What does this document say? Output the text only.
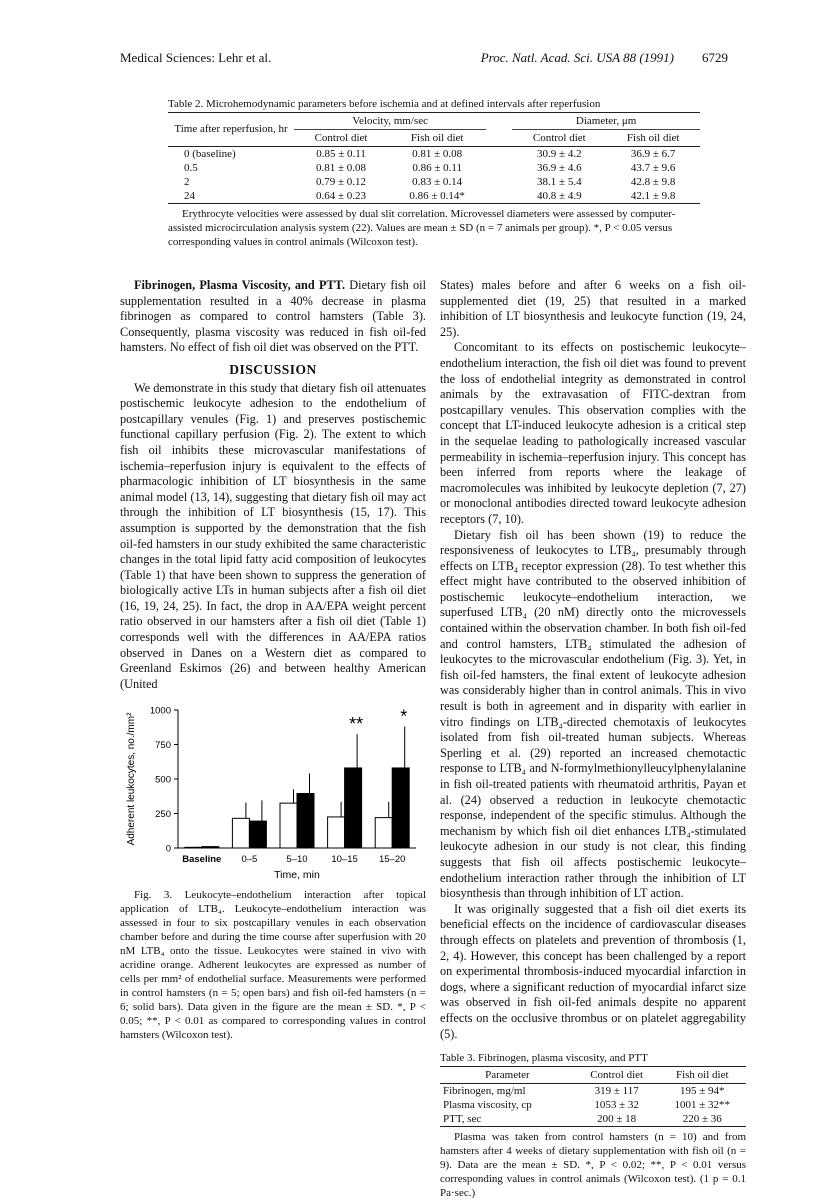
Medical Sciences: Lehr et al.	Proc. Natl. Acad. Sci. USA 88 (1991) 6729
Table 2. Microhemodynamic parameters before ischemia and at defined intervals after reperfusion
Time after reperfusion, hr	Velocity, mm/sec			Diameter, μm	
	Control diet	Fish oil diet		Control diet	Fish oil diet
0 (baseline)	0.85 ± 0.11	0.81 ± 0.08		30.9 ± 4.2	36.9 ± 6.7
0.5	0.81 ± 0.08	0.86 ± 0.11		36.9 ± 4.6	43.7 ± 9.6
2	0.79 ± 0.12	0.83 ± 0.14		38.1 ± 5.4	42.8 ± 9.8
24	0.64 ± 0.23	0.86 ± 0.14*		40.8 ± 4.9	42.1 ± 9.8
Erythrocyte velocities were assessed by dual slit correlation. Microvessel diameters were assessed by computer-assisted microcirculation analysis system (22). Values are mean ± SD (n = 7 animals per group). *, P < 0.05 versus corresponding values in control animals (Wilcoxon test).

Fibrinogen, Plasma Viscosity, and PTT. Dietary fish oil supplementation resulted in a 40% decrease in plasma fibrinogen as compared to control hamsters (Table 3). Consequently, plasma viscosity was reduced in fish oil-fed hamsters. No effect of fish oil diet was observed on the PTT.

DISCUSSION

We demonstrate in this study that dietary fish oil attenuates postischemic leukocyte adhesion to the endothelium of postcapillary venules (Fig. 1) and preserves postischemic functional capillary perfusion (Fig. 2). The extent to which fish oil inhibits these microvascular manifestations of ischemia–reperfusion injury is equivalent to the effects of pharmacologic inhibition of LT biosynthesis in the same animal model (13, 14), suggesting that dietary fish oil may act through the inhibition of LT biosynthesis (15, 17). This assumption is supported by the demonstration that the fish oil-fed hamsters in our study exhibited the same characteristic changes in the total lipid fatty acid composition of leukocytes (Table 1) that have been shown to suppress the generation of biologically active LTs in human subjects after a fish oil diet (16, 19, 24, 25). In fact, the drop in AA/EPA weight percent ratio observed in our hamsters after a fish oil diet (Table 1) corresponds well with the differences in AA/EPA ratios observed in Danes on a Western diet as compared to Greenland Eskimos (26) and between healthy American (United

States) males before and after 6 weeks on a fish oil-supplemented diet (19, 25) that resulted in a marked inhibition of LT biosynthesis and leukocyte function (19, 24, 25).

Concomitant to its effects on postischemic leukocyte–endothelium interaction, the fish oil diet was found to prevent the loss of endothelial integrity as demonstrated in control animals by the extravasation of FITC-dextran from postcapillary venules. This observation complies with the concept that LT-induced leukocyte adhesion is a critical step in the sequelae leading to pathologically increased vascular permeability in ischemia–reperfusion injury. This concept has been inferred from reports where the leakage of macromolecules was inhibited by leukocyte depletion (7, 27) or monoclonal antibodies directed toward leukocyte adhesion receptors (7, 10).

Dietary fish oil has been shown (19) to reduce the responsiveness of leukocytes to LTB₄, presumably through effects on LTB₄ receptor expression (28). To test whether this effect might have contributed to the observed inhibition of postischemic leukocyte–endothelium interaction, we superfused LTB₄ (20 nM) directly onto the microvessels contained within the observation chamber. In both fish oil-fed and control hamsters, LTB₄ stimulated the adhesion of leukocytes to the microvascular endothelium (Fig. 3). Yet, in fish oil-fed hamsters, the final extent of leukocyte adhesion was considerably higher than in control animals. This in vivo result is both in agreement and in disparity with earlier in vitro findings on LTB₄-directed chemotaxis of leukocytes isolated from fish oil-treated human subjects. Whereas Sperling et al. (29) reported an increased chemotactic response to LTB₄ and N-formylmethionylleucylphenylalanine in fish oil-treated patients with rheumatoid arthritis, Payan et al. (24) observed a reduction in leukocyte chemotactic response, independent of the specific stimulus. Although the mechanism by which fish oil diet enhances LTB₄-stimulated leukocyte adhesion in our study is not clear, this finding suggests that fish oil affects postischemic leukocyte–endothelium interaction rather through the inhibition of LT biosynthesis than through inhibition of LT action.

It was originally suggested that a fish oil diet exerts its beneficial effects on the incidence of cardiovascular diseases through effects on platelets and prevention of thrombosis (1, 2, 4). However, this concept has been challenged by a report on experimental thrombosis-induced myocardial infarction in dogs, where a significant reduction of myocardial infarct size was observed in fish oil-fed animals despite no apparent effects on the occlusive thrombus or on platelet aggregability (5).

0
250
500
750
1000
Adherent leukocytes, no./mm²
Baseline 0–5	5–10	10–15
**
15–20
*
Time, min

Fig. 3. Leukocyte–endothelium interaction after topical application of LTB₄. Leukocyte–endothelium interaction was assessed in four to six postcapillary venules in each observation chamber before and during the time course after superfusion with 20 nM LTB₄ onto the tissue. Leukocytes were stained in vivo with acridine orange. Adherent leukocytes are expressed as number of cells per mm² of endothelial surface. Measurements were performed in control hamsters (n = 5; open bars) and fish oil-fed hamsters (n = 6; solid bars). Data given in the figure are the mean ± SD. *, P < 0.05; **, P < 0.01 as compared to corresponding values in control hamsters (Wilcoxon test).

Table 3. Fibrinogen, plasma viscosity, and PTT
Parameter	Control diet	Fish oil diet
Fibrinogen, mg/ml	319 ± 117	195 ± 94*
Plasma viscosity, cp	1053 ± 32	1001 ± 32**
PTT, sec	200 ± 18	220 ± 36
Plasma was taken from control hamsters (n = 10) and from hamsters after 4 weeks of dietary supplementation with fish oil (n = 9). Data are the mean ± SD. *, P < 0.02; **, P < 0.01 versus corresponding values in control animals (Wilcoxon test). (1 p = 0.1 Pa·sec.)
